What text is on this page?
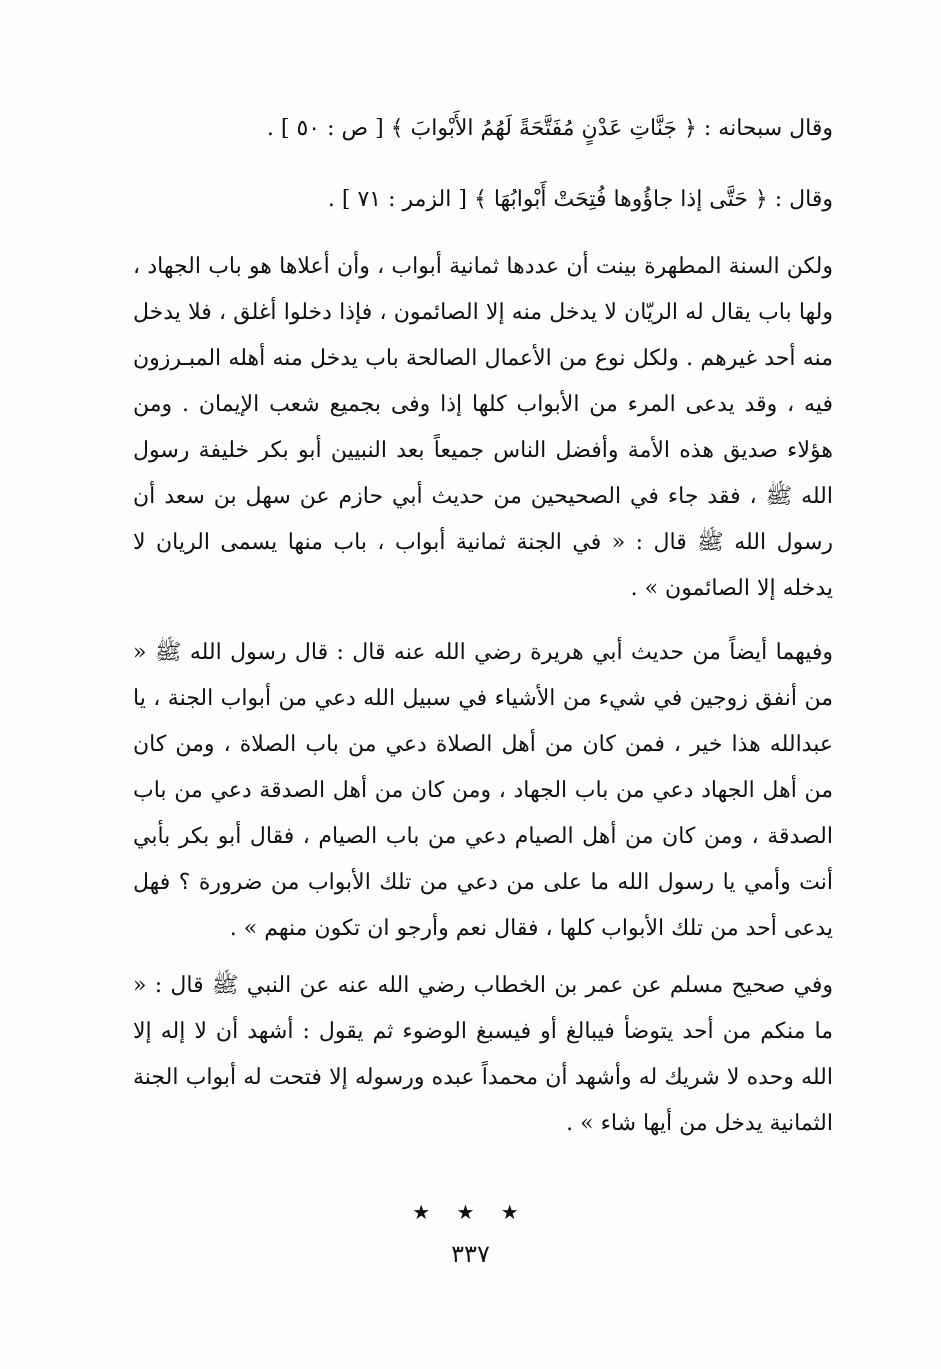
وقال سبحانه : ﴿ جَنَّاتِ عَدْنٍ مُفَتَّحَةً لَهُمُ الأَبْوابَ ﴾ [ ص : ٥٠ ] .

وقال : ﴿ حَتَّى إذا جاؤُوها فُتِحَتْ أَبْوابُهَا ﴾ [ الزمر : ٧١ ] .

ولكن السنة المطهرة بينت أن عددها ثمانية أبواب ، وأن أعلاها هو باب الجهاد ، ولها باب يقال له الريّان لا يدخل منه إلا الصائمون ، فإذا دخلوا أغلق ، فلا يدخل منه أحد غيرهم . ولكل نوع من الأعمال الصالحة باب يدخل منه أهله المبـرزون فيه ، وقد يدعى المرء من الأبواب كلها إذا وفى بجميع شعب الإيمان . ومن هؤلاء صديق هذه الأمة وأفضل الناس جميعاً بعد النبيين أبو بكر خليفة رسول الله ﷺ ، فقد جاء في الصحيحين من حديث أبي حازم عن سهل بن سعد أن رسول الله ﷺ قال : « في الجنة ثمانية أبواب ، باب منها يسمى الريان لا يدخله إلا الصائمون » .

وفيهما أيضاً من حديث أبي هريرة رضي الله عنه قال : قال رسول الله ﷺ « من أنفق زوجين في شيء من الأشياء في سبيل الله دعي من أبواب الجنة ، يا عبدالله هذا خير ، فمن كان من أهل الصلاة دعي من باب الصلاة ، ومن كان من أهل الجهاد دعي من باب الجهاد ، ومن كان من أهل الصدقة دعي من باب الصدقة ، ومن كان من أهل الصيام دعي من باب الصيام ، فقال أبو بكر بأبي أنت وأمي يا رسول الله ما على من دعي من تلك الأبواب من ضرورة ؟ فهل يدعى أحد من تلك الأبواب كلها ، فقال نعم وأرجو ان تكون منهم » .

وفي صحيح مسلم عن عمر بن الخطاب رضي الله عنه عن النبي ﷺ قال : « ما منكم من أحد يتوضأ فيبالغ أو فيسبغ الوضوء ثم يقول : أشهد أن لا إله إلا الله وحده لا شريك له وأشهد أن محمداً عبده ورسوله إلا فتحت له أبواب الجنة الثمانية يدخل من أيها شاء » .

★ ★ ★
٣٣٧
